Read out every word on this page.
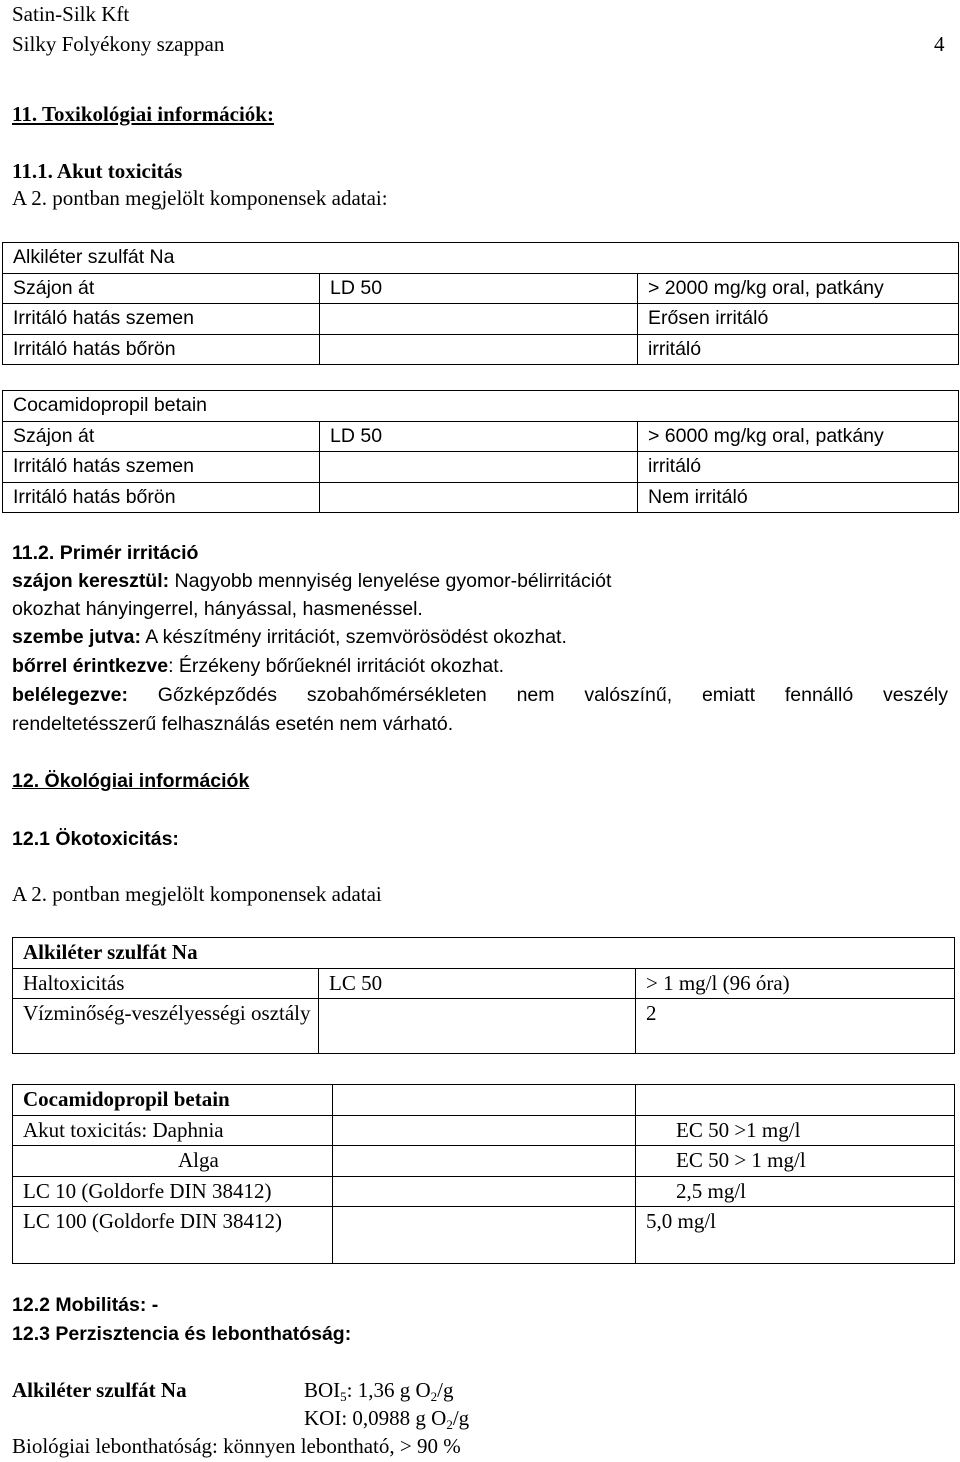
Satin-Silk Kft
Silky Folyékony szappan	4
11. Toxikológiai információk:
11.1. Akut toxicitás
A 2. pontban megjelölt komponensek adatai:
Alkiléter szulfát Na		
Szájon át	LD 50	> 2000 mg/kg oral, patkány
Irritáló hatás szemen		Erősen irritáló
Irritáló hatás bőrön		irritáló
Cocamidopropil betain		
Szájon át	LD 50	> 6000 mg/kg oral, patkány
Irritáló hatás szemen		irritáló
Irritáló hatás bőrön		Nem irritáló
11.2. Primér irritáció
szájon keresztül: Nagyobb mennyiség lenyelése gyomor-bélirritációt
okozhat hányingerrel, hányással, hasmenéssel.
szembe jutva: A készítmény irritációt, szemvörösödést okozhat.
bőrrel érintkezve: Érzékeny bőrűeknél irritációt okozhat.
belélegezve: Gőzképződés szobahőmérsékleten nem valószínű, emiatt fennálló veszély
rendeltetésszerű felhasználás esetén nem várható.
12. Ökológiai információk
12.1 Ökotoxicitás:
A 2. pontban megjelölt komponensek adatai
Alkiléter szulfát Na		
Haltoxicitás	LC 50	> 1 mg/l (96 óra)
Vízminőség-veszélyességi osztály		2
Cocamidopropil betain		
Akut toxicitás: Daphnia		EC 50 >1 mg/l
Alga		EC 50 > 1 mg/l
LC 10 (Goldorfe DIN 38412)		2,5 mg/l
LC 100 (Goldorfe DIN 38412)		5,0 mg/l
12.2 Mobilitás: -
12.3 Perzisztencia és lebonthatóság:
Alkiléter szulfát Na	$BOI_5$: 1,36 g $O_2/g$
KOI: 0,0988 g $O_2/g$
Biológiai lebonthatóság: könnyen lebontható, > 90 %
